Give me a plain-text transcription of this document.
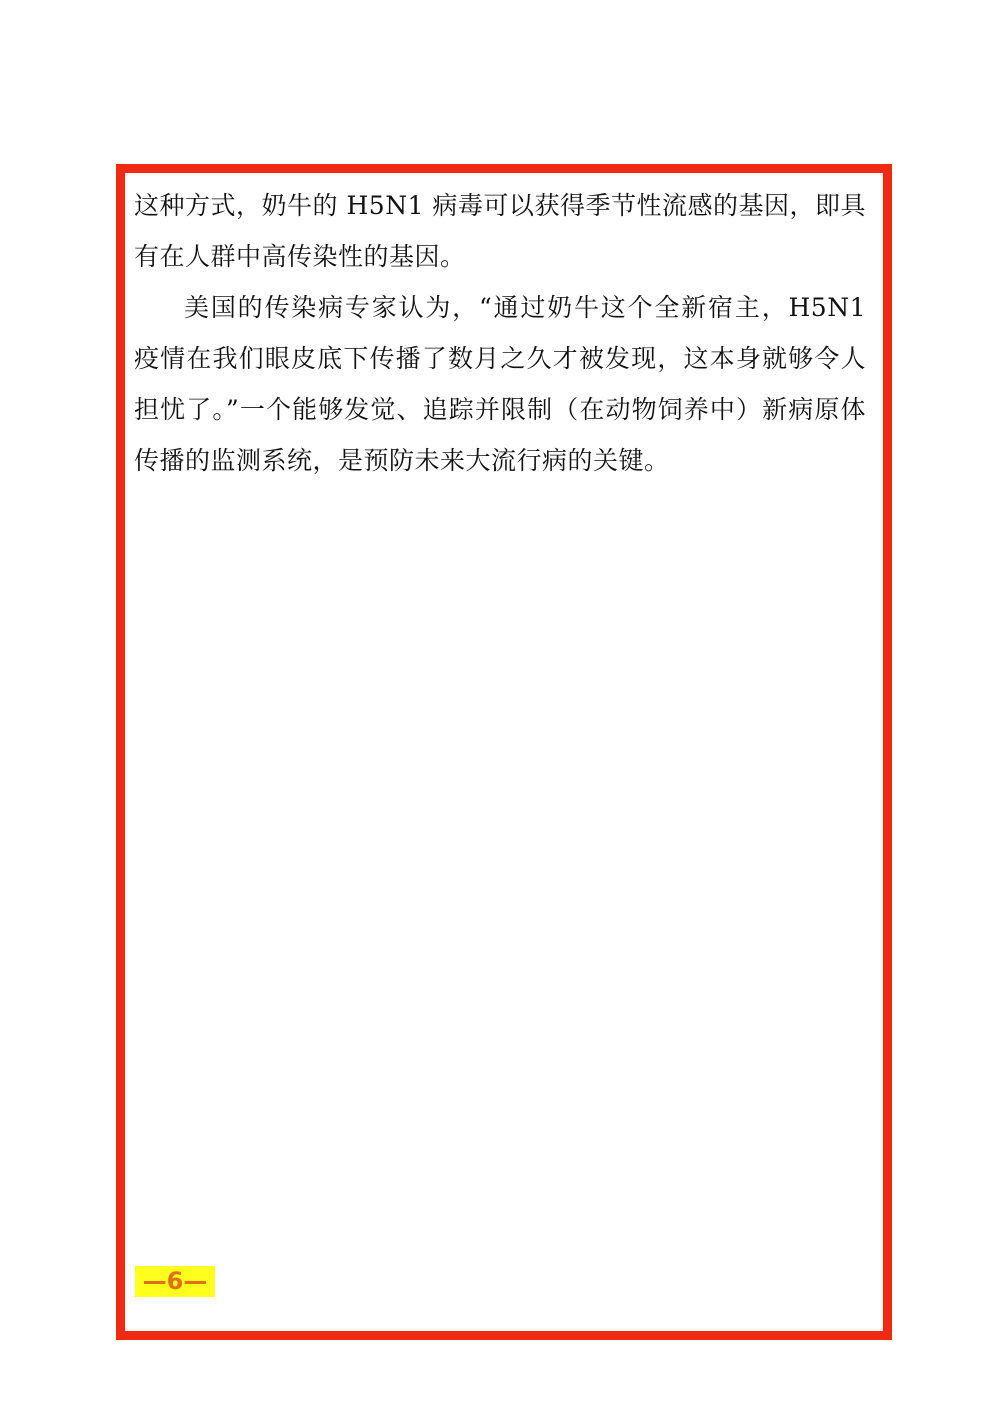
这种方式，奶牛的 H5N1 病毒可以获得季节性流感的基因，即具有在人群中高传染性的基因。

美国的传染病专家认为，“通过奶牛这个全新宿主，H5N1 疫情在我们眼皮底下传播了数月之久才被发现，这本身就够令人担忧了。”一个能够发觉、追踪并限制（在动物饲养中）新病原体传播的监测系统，是预防未来大流行病的关键。

—6—
